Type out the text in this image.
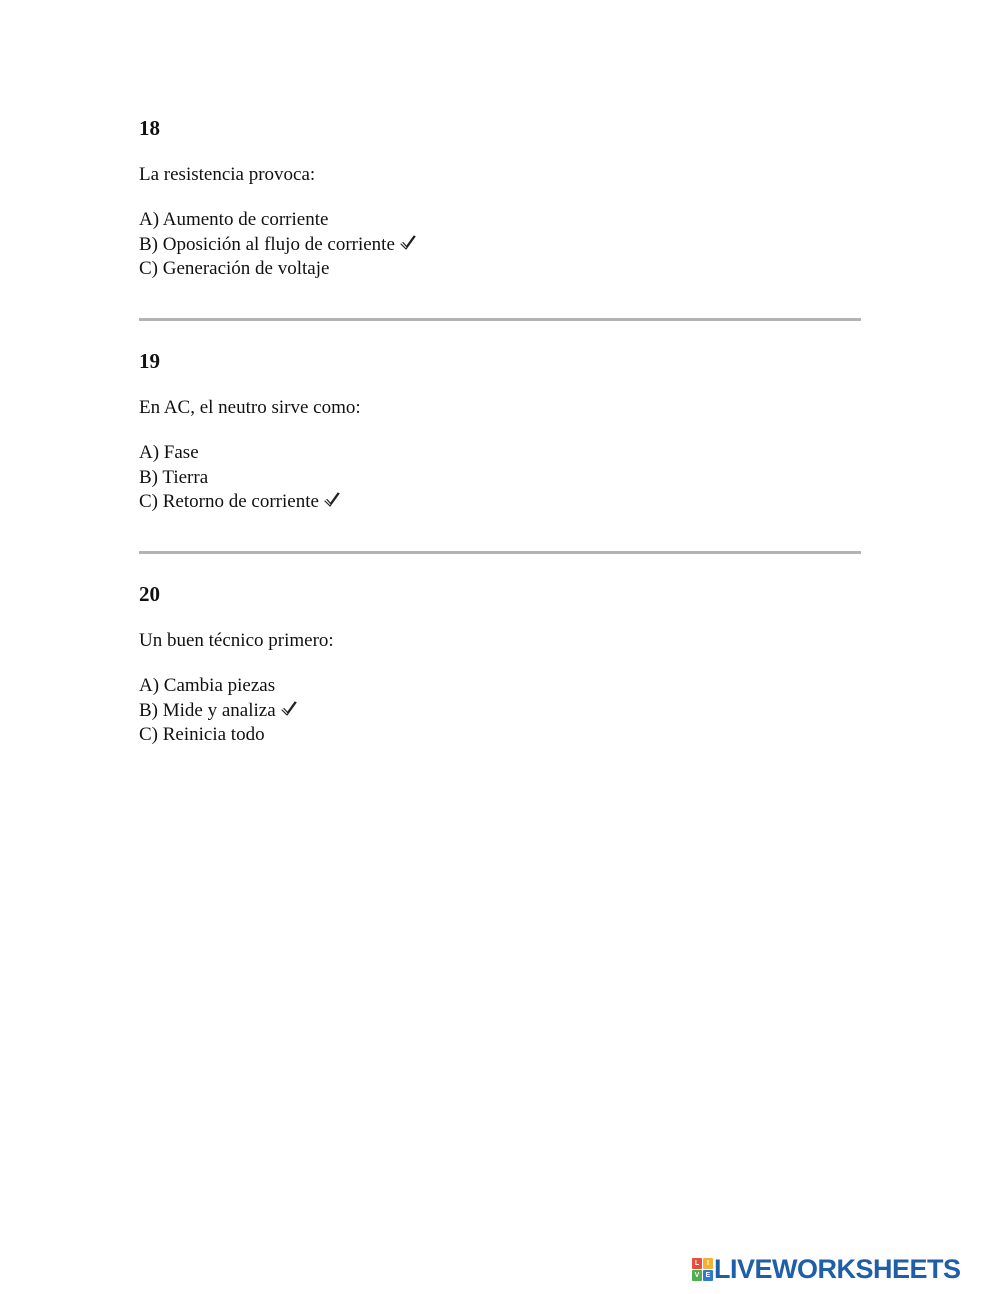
18
La resistencia provoca:
A) Aumento de corriente
B) Oposición al flujo de corriente
C) Generación de voltaje
19
En AC, el neutro sirve como:
A) Fase
B) Tierra
C) Retorno de corriente
20
Un buen técnico primero:
A) Cambia piezas
B) Mide y analiza
C) Reinicia todo
L	I
V E LIVEWORKSHEETS
